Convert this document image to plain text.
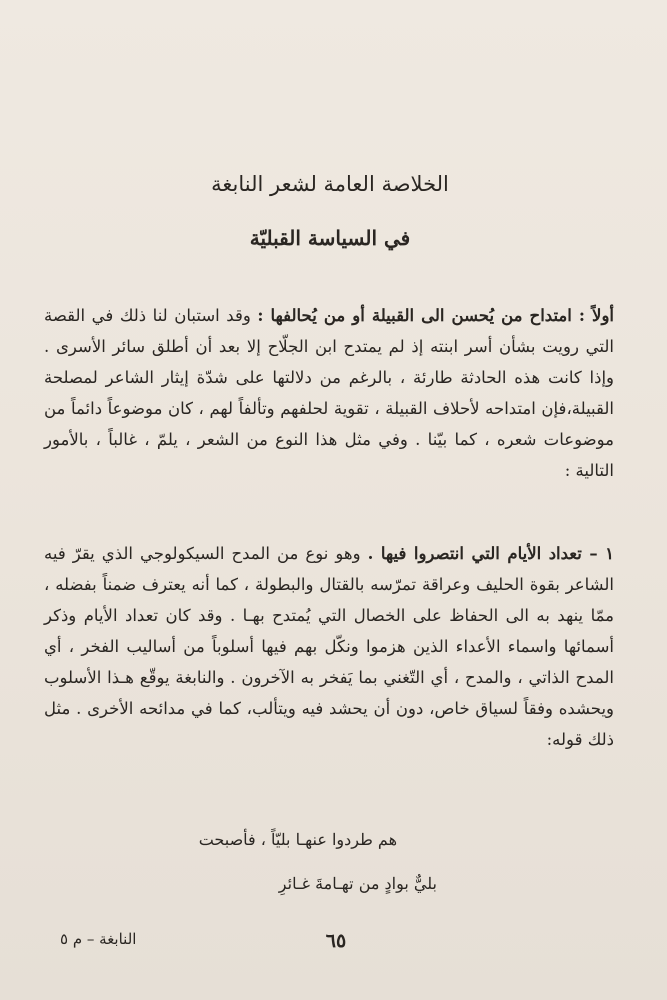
الخلاصة العامة لشعر النابغة
في السياسة القبليّة

أولاً : امتداح من يُحسن الى القبيلة أو من يُحالفها : وقد استبان لنا ذلك في القصة التي رويت بشأن أسر ابنته إذ لم يمتدح ابن الجلّاح إلا بعد أن أطلق سائر الأسرى . وإذا كانت هذه الحادثة طارئة ، بالرغم من دلالتها على شدّة إيثار الشاعر لمصلحة القبيلة،فإن امتداحه لأحلاف القبيلة ، تقوية لحلفهم وتألفاً لهم ، كان موضوعاً دائماً من موضوعات شعره ، كما بيّنا . وفي مثل هذا النوع من الشعر ، يلمّ ، غالباً ، بالأمور التالية :

١ – تعداد الأيام التي انتصروا فيها . وهو نوع من المدح السيكولوجي الذي يقرّ فيه الشاعر بقوة الحليف وعراقة تمرّسه بالقتال والبطولة ، كما أنه يعترف ضمناً بفضله ، ممّا ينهد به الى الحفاظ على الخصال التي يُمتدح بهـا . وقد كان تعداد الأيام وذكر أسمائها واسماء الأعداء الذين هزموا ونكّل بهم فيها أسلوباً من أساليب الفخر ، أي المدح الذاتي ، والمدح ، أي التّغني بما يَفخر به الآخرون . والنابغة يوقّع هـذا الأسلوب ويحشده وفقاً لسياق خاص، دون أن يحشد فيه ويتألب، كما في مدائحه الأخرى . مثل ذلك قوله:

هم طردوا عنهـا بليّاً ، فأصبحت
بليٌّ بوادٍ من تهـامةَ غـائرِ
النابغة – م ٥	٦٥
